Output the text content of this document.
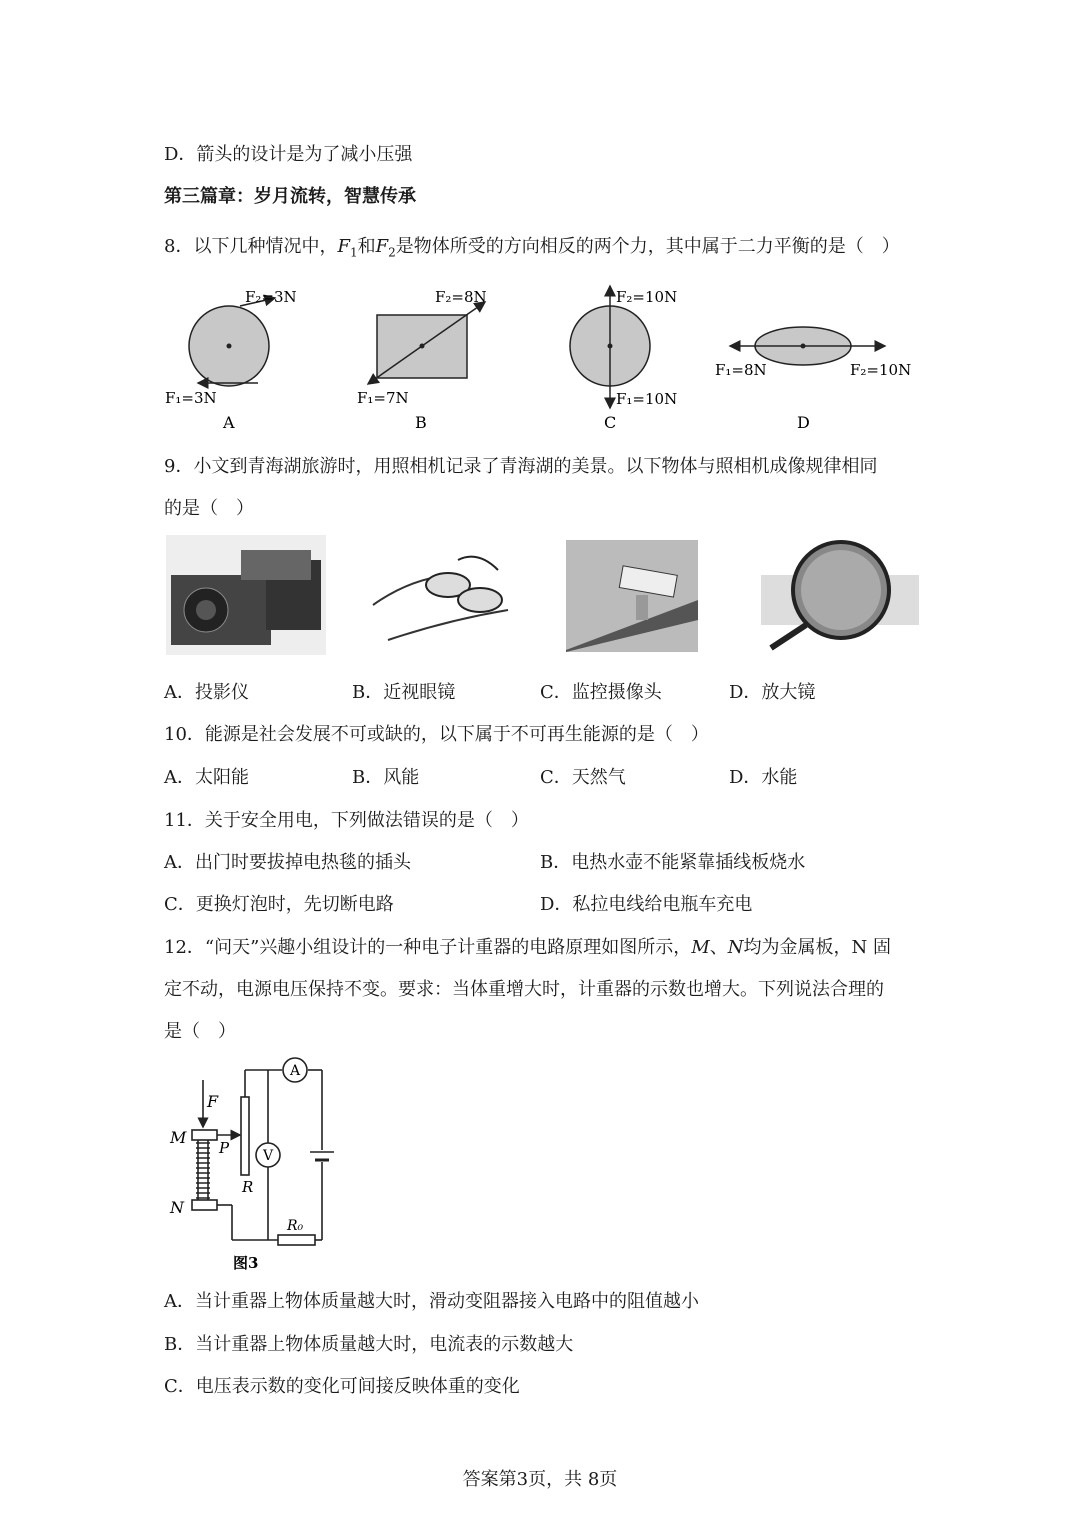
D．箭头的设计是为了减小压强
第三篇章：岁月流转，智慧传承
8．以下几种情况中，$F_1$和$F_2$是物体所受的方向相反的两个力，其中属于二力平衡的是（　）
F₂=3N
F₁=3N
A
F₂=8N
F₁=7N
B
F₂=10N
F₁=10N
C
F₁=8N	F₂=10N
D
9．小文到青海湖旅游时，用照相机记录了青海湖的美景。以下物体与照相机成像规律相同
的是（　）
A．投影仪	B．近视眼镜	C．监控摄像头	D．放大镜
10．能源是社会发展不可或缺的，以下属于不可再生能源的是（　）
A．太阳能	B．风能	C．天然气	D．水能
11．关于安全用电，下列做法错误的是（　）
A．出门时要拔掉电热毯的插头	B．电热水壶不能紧靠插线板烧水
C．更换灯泡时，先切断电路	D．私拉电线给电瓶车充电
12．“问天”兴趣小组设计的一种电子计重器的电路原理如图所示，M、N均为金属板，N 固
定不动，电源电压保持不变。要求：当体重增大时，计重器的示数也增大。下列说法合理的
是（　）
A
V
F
M
P
R
N
R₀
图3
A．当计重器上物体质量越大时，滑动变阻器接入电路中的阻值越小
B．当计重器上物体质量越大时，电流表的示数越大
C．电压表示数的变化可间接反映体重的变化
答案第3页，共 8页
